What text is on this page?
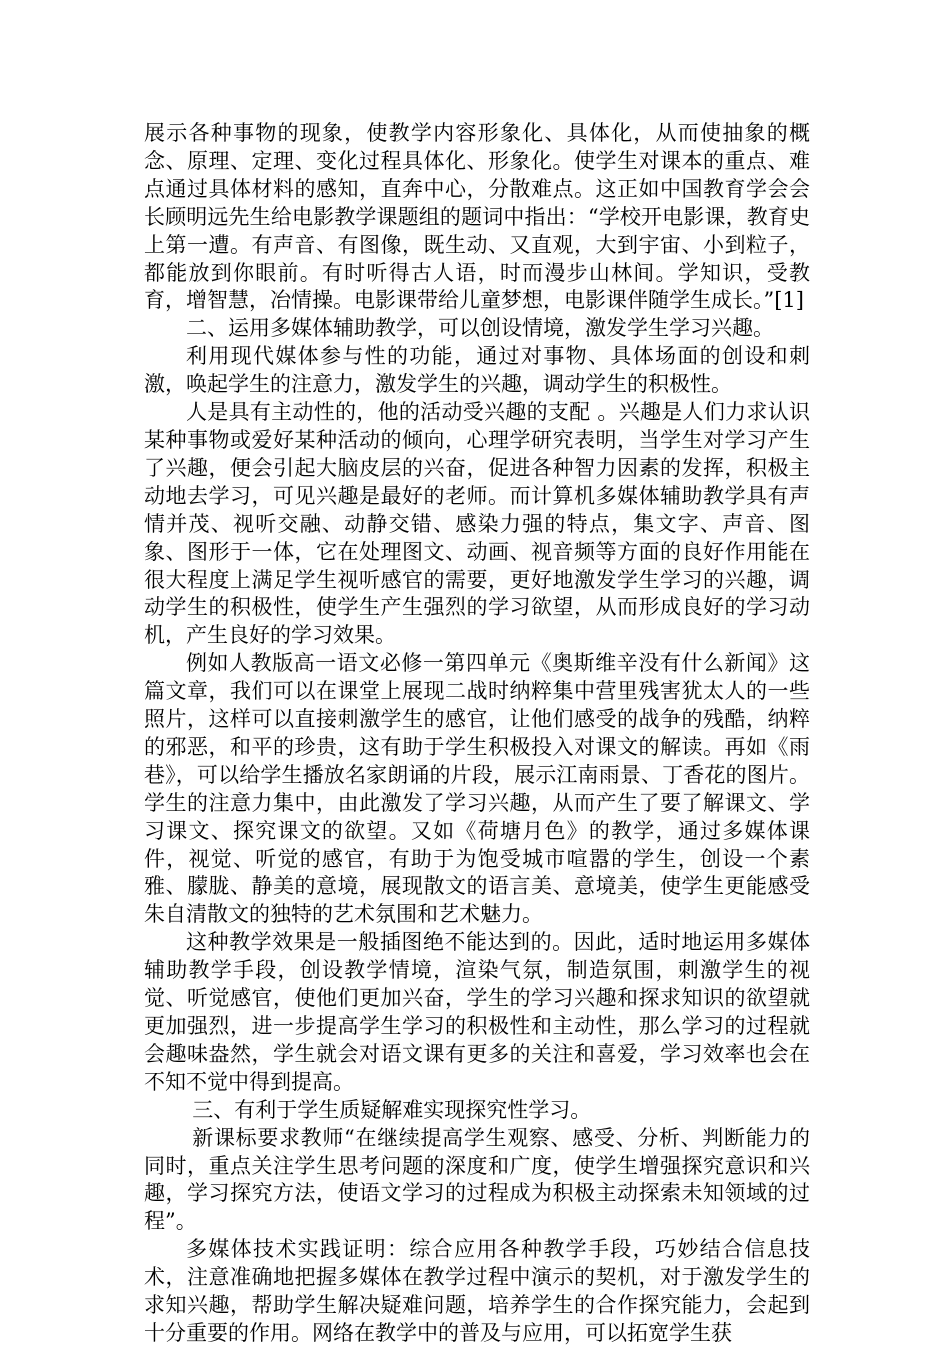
展示各种事物的现象，使教学内容形象化、具体化，从而使抽象的概念、原理、定理、变化过程具体化、形象化。使学生对课本的重点、难点通过具体材料的感知，直奔中心，分散难点。这正如中国教育学会会长顾明远先生给电影教学课题组的题词中指出：“学校开电影课，教育史上第一遭。有声音、有图像，既生动、又直观，大到宇宙、小到粒子，都能放到你眼前。有时听得古人语，时而漫步山林间。学知识，受教育，增智慧，冶情操。电影课带给儿童梦想，电影课伴随学生成长。”[1]

二、运用多媒体辅助教学，可以创设情境，激发学生学习兴趣。

利用现代媒体参与性的功能，通过对事物、具体场面的创设和刺激，唤起学生的注意力，激发学生的兴趣，调动学生的积极性。

人是具有主动性的，他的活动受兴趣的支配 。兴趣是人们力求认识某种事物或爱好某种活动的倾向，心理学研究表明，当学生对学习产生了兴趣，便会引起大脑皮层的兴奋，促进各种智力因素的发挥，积极主动地去学习，可见兴趣是最好的老师。而计算机多媒体辅助教学具有声情并茂、视听交融、动静交错、感染力强的特点，集文字、声音、图象、图形于一体，它在处理图文、动画、视音频等方面的良好作用能在很大程度上满足学生视听感官的需要，更好地激发学生学习的兴趣，调动学生的积极性，使学生产生强烈的学习欲望，从而形成良好的学习动机，产生良好的学习效果。

例如人教版高一语文必修一第四单元《奥斯维辛没有什么新闻》这篇文章，我们可以在课堂上展现二战时纳粹集中营里残害犹太人的一些照片，这样可以直接刺激学生的感官，让他们感受的战争的残酷，纳粹的邪恶，和平的珍贵，这有助于学生积极投入对课文的解读。再如《雨巷》，可以给学生播放名家朗诵的片段，展示江南雨景、丁香花的图片。学生的注意力集中，由此激发了学习兴趣，从而产生了要了解课文、学习课文、探究课文的欲望。又如《荷塘月色》的教学，通过多媒体课件，视觉、听觉的感官，有助于为饱受城市喧嚣的学生，创设一个素雅、朦胧、静美的意境，展现散文的语言美、意境美，使学生更能感受朱自清散文的独特的艺术氛围和艺术魅力。

这种教学效果是一般插图绝不能达到的。因此，适时地运用多媒体辅助教学手段，创设教学情境，渲染气氛，制造氛围，刺激学生的视觉、听觉感官，使他们更加兴奋，学生的学习兴趣和探求知识的欲望就更加强烈，进一步提高学生学习的积极性和主动性，那么学习的过程就会趣味盎然，学生就会对语文课有更多的关注和喜爱，学习效率也会在不知不觉中得到提高。

三、有利于学生质疑解难实现探究性学习。

新课标要求教师“在继续提高学生观察、感受、分析、判断能力的同时，重点关注学生思考问题的深度和广度，使学生增强探究意识和兴趣，学习探究方法，使语文学习的过程成为积极主动探索未知领域的过程”。

多媒体技术实践证明：综合应用各种教学手段，巧妙结合信息技术，注意准确地把握多媒体在教学过程中演示的契机，对于激发学生的求知兴趣，帮助学生解决疑难问题，培养学生的合作探究能力，会起到十分重要的作用。网络在教学中的普及与应用，可以拓宽学生获
